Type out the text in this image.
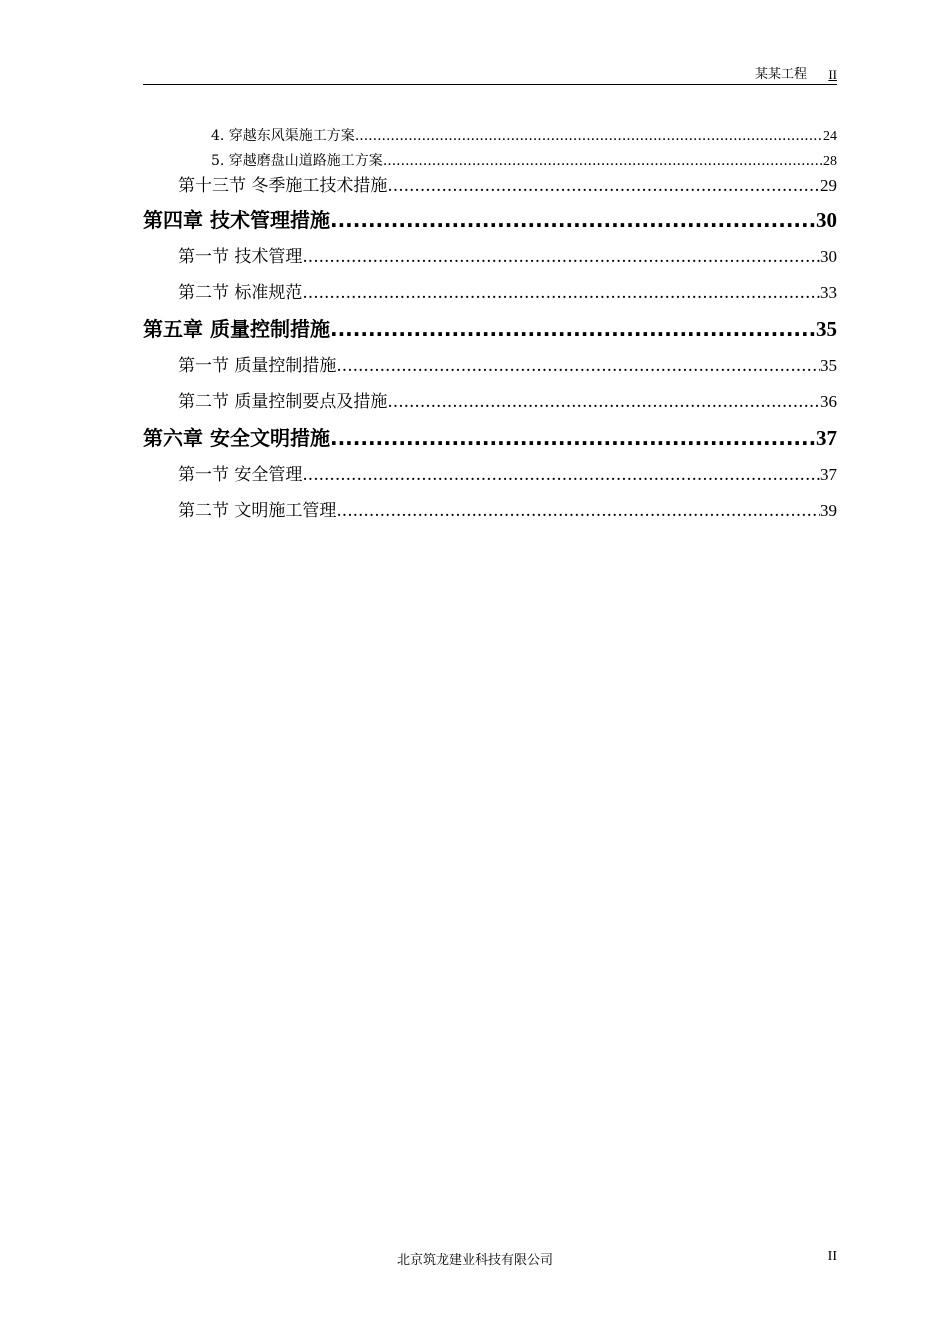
某某工程 II
4. 穿越东风渠施工方案 .....	24
5. 穿越磨盘山道路施工方案 .....	28
第十三节 冬季施工技术措施 .....	29
第四章 技术管理措施 .....	30
第一节 技术管理 .....	30
第二节 标准规范 .....	33
第五章 质量控制措施 .....	35
第一节 质量控制措施 .....	35
第二节 质量控制要点及措施 .....	36
第六章 安全文明措施 .....	37
第一节 安全管理 .....	37
第二节 文明施工管理 .....	39
北京筑龙建业科技有限公司	II
